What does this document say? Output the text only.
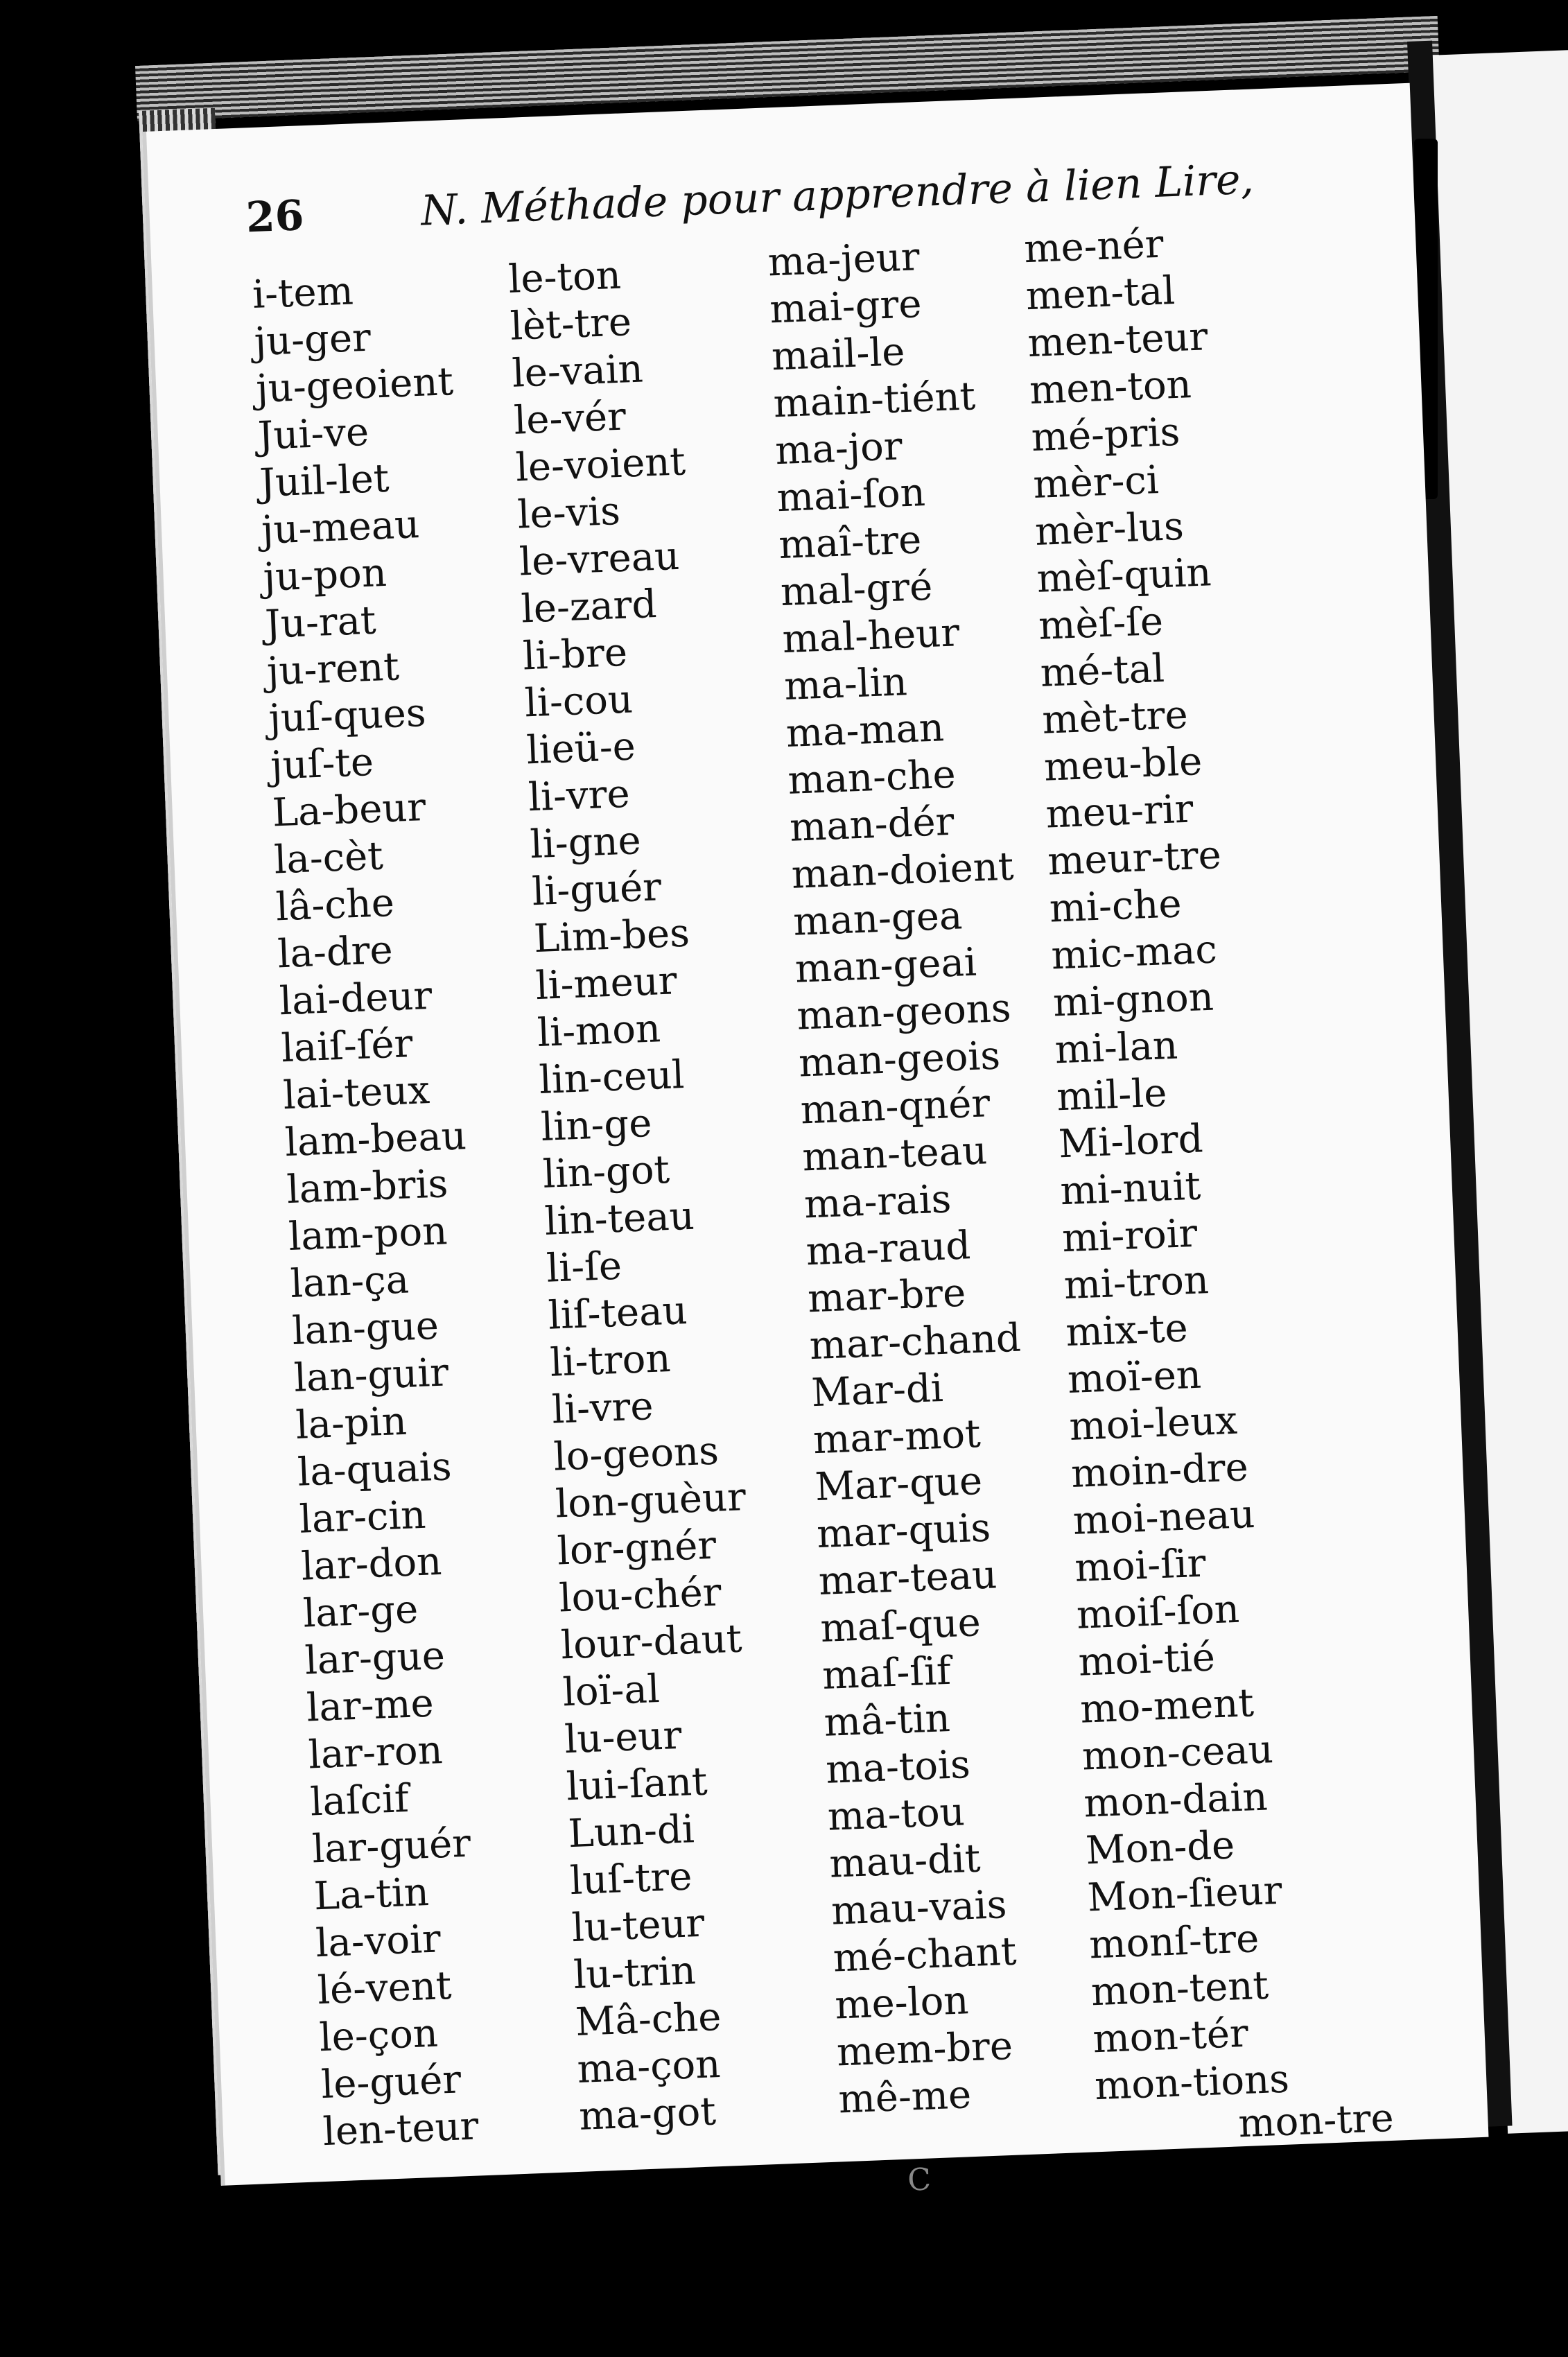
26	N. Méthade pour apprendre à lien Lire,
i-tem
ju-ger
ju-geoient
Jui-ve
Juil-let
ju-meau
ju-pon
Ju-rat
ju-rent
juſ-ques
juſ-te
La-beur
la-cèt
lâ-che
la-dre
lai-deur
laiſ-ſér
lai-teux
lam-beau
lam-bris
lam-pon
lan-ça
lan-gue
lan-guir
la-pin
la-quais
lar-cin
lar-don
lar-ge
lar-gue
lar-me
lar-ron
laſcif
lar-guér
La-tin
la-voir
lé-vent
le-çon
le-guér
len-teur
le-ton
lèt-tre
le-vain
le-vér
le-voient
le-vis
le-vreau
le-zard
li-bre
li-cou
lieü-e
li-vre
li-gne
li-guér
Lim-bes
li-meur
li-mon
lin-ceul
lin-ge
lin-got
lin-teau
li-ſe
liſ-teau
li-tron
li-vre
lo-geons
lon-guèur
lor-gnér
lou-chér
lour-daut
loï-al
lu-eur
lui-ſant
Lun-di
luſ-tre
lu-teur
lu-trin
Mâ-che
ma-çon
ma-got
ma-jeur
mai-gre
mail-le
main-tiént
ma-jor
mai-ſon
maî-tre
mal-gré
mal-heur
ma-lin
ma-man
man-che
man-dér
man-doient
man-gea
man-geai
man-geons
man-geois
man-qnér
man-teau
ma-rais
ma-raud
mar-bre
mar-chand
Mar-di
mar-mot
Mar-que
mar-quis
mar-teau
maſ-que
maſ-ſif
mâ-tin
ma-tois
ma-tou
mau-dit
mau-vais
mé-chant
me-lon
mem-bre
mê-me
me-nér
men-tal
men-teur
men-ton
mé-pris
mèr-ci
mèr-lus
mèſ-quin
mèſ-ſe
mé-tal
mèt-tre
meu-ble
meu-rir
meur-tre
mi-che
mic-mac
mi-gnon
mi-lan
mil-le
Mi-lord
mi-nuit
mi-roir
mi-tron
mix-te
moï-en
moi-leux
moin-dre
moi-neau
moi-ſir
moiſ-ſon
moi-tié
mo-ment
mon-ceau
mon-dain
Mon-de
Mon-ſieur
monſ-tre
mon-tent
mon-tér
mon-tions
mon-tre
C
